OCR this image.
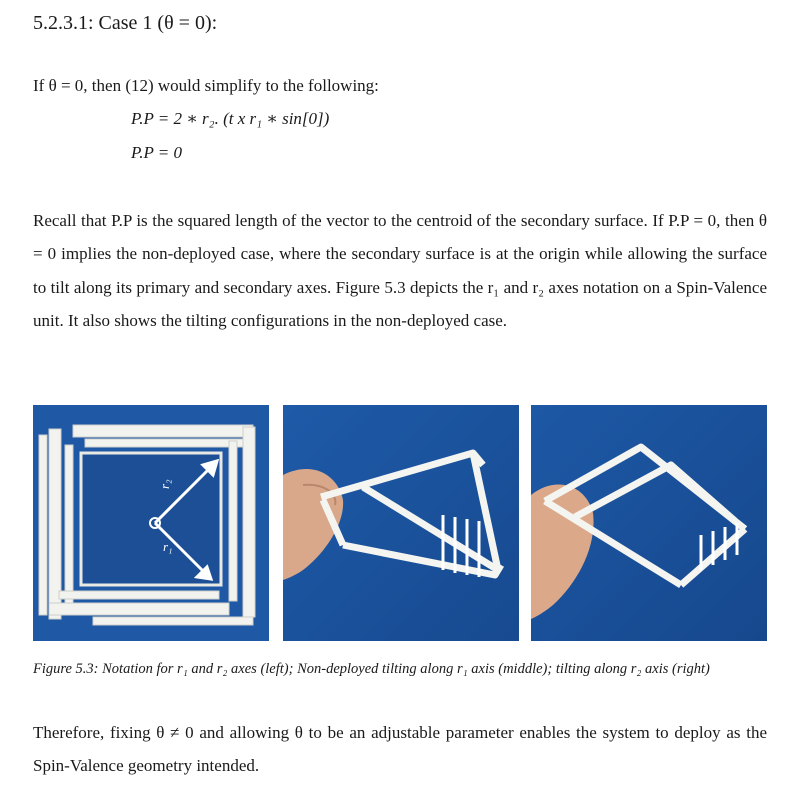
5.2.3.1: Case 1 (θ = 0):
If θ = 0, then (12) would simplify to the following:
P.P = 2 ∗ r₂. (t x r₁ ∗ sin[0])
P.P = 0
Recall that P.P is the squared length of the vector to the centroid of the secondary surface. If P.P = 0, then θ = 0 implies the non-deployed case, where the secondary surface is at the origin while allowing the surface to tilt along its primary and secondary axes. Figure 5.3 depicts the r₁ and r₂ axes notation on a Spin-Valence unit. It also shows the tilting configurations in the non-deployed case.
r₂
r₁
Figure 5.3: Notation for r₁ and r₂ axes (left); Non-deployed tilting along r₁ axis (middle); tilting along r₂ axis (right)
Therefore, fixing θ ≠ 0 and allowing θ to be an adjustable parameter enables the system to deploy as the Spin-Valence geometry intended.
